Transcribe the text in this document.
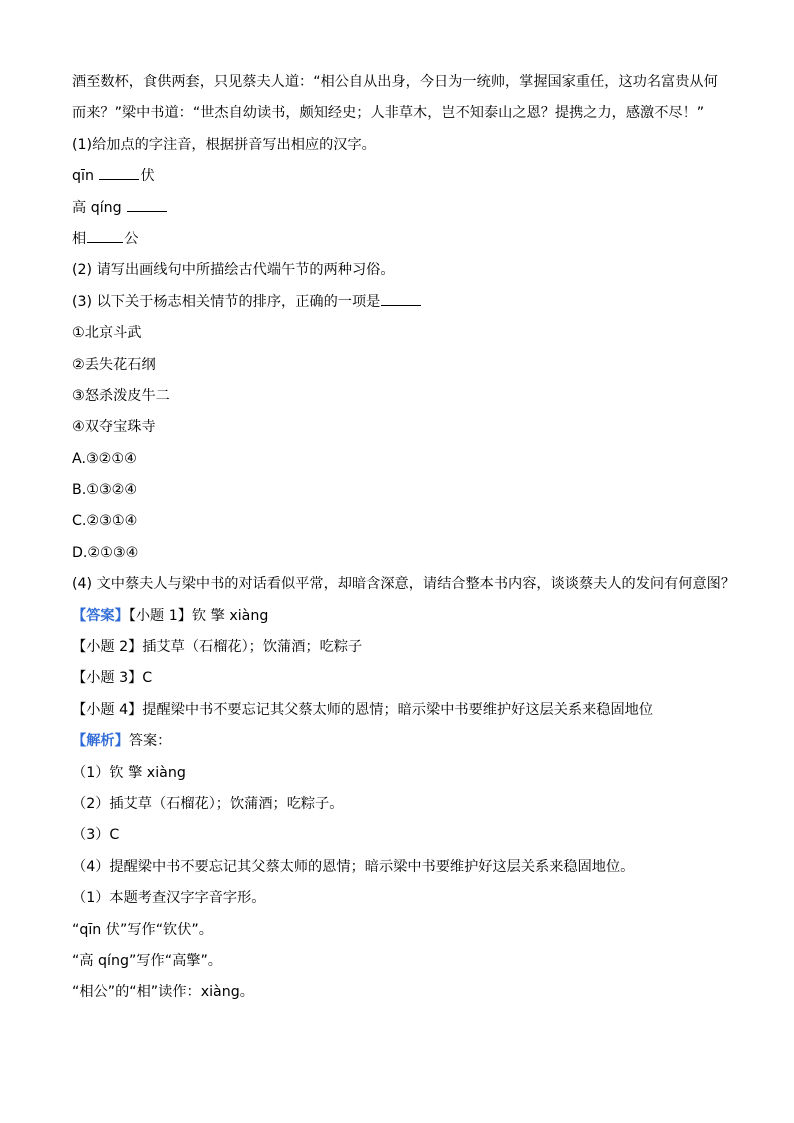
酒至数杯，食供两套，只见蔡夫人道：“相公自从出身，今日为一统帅，掌握国家重任，这功名富贵从何
而来？”梁中书道：“世杰自幼读书，颇知经史；人非草木，岂不知泰山之恩？提携之力，感激不尽！”
(1)给加点的字注音，根据拼音写出相应的汉字。
qīn	伏
高 qíng
相	公
(2) 请写出画线句中所描绘古代端午节的两种习俗。
(3) 以下关于杨志相关情节的排序，正确的一项是
①北京斗武
②丢失花石纲
③怒杀泼皮牛二
④双夺宝珠寺
A.③②①④
B.①③②④
C.②③①④
D.②①③④
(4) 文中蔡夫人与梁中书的对话看似平常，却暗含深意，请结合整本书内容，谈谈蔡夫人的发问有何意图？
【答案】【小题 1】钦 擎 xiàng
【小题 2】插艾草（石榴花）；饮蒲酒；吃粽子
【小题 3】C
【小题 4】提醒梁中书不要忘记其父蔡太师的恩情；暗示梁中书要维护好这层关系来稳固地位
【解析】答案：
（1）钦 擎 xiàng
（2）插艾草（石榴花）；饮蒲酒；吃粽子。
（3）C
（4）提醒梁中书不要忘记其父蔡太师的恩情；暗示梁中书要维护好这层关系来稳固地位。
（1）本题考查汉字字音字形。
“qīn 伏”写作“钦伏”。
“高 qíng”写作“高擎”。
“相公”的“相”读作：xiàng。
